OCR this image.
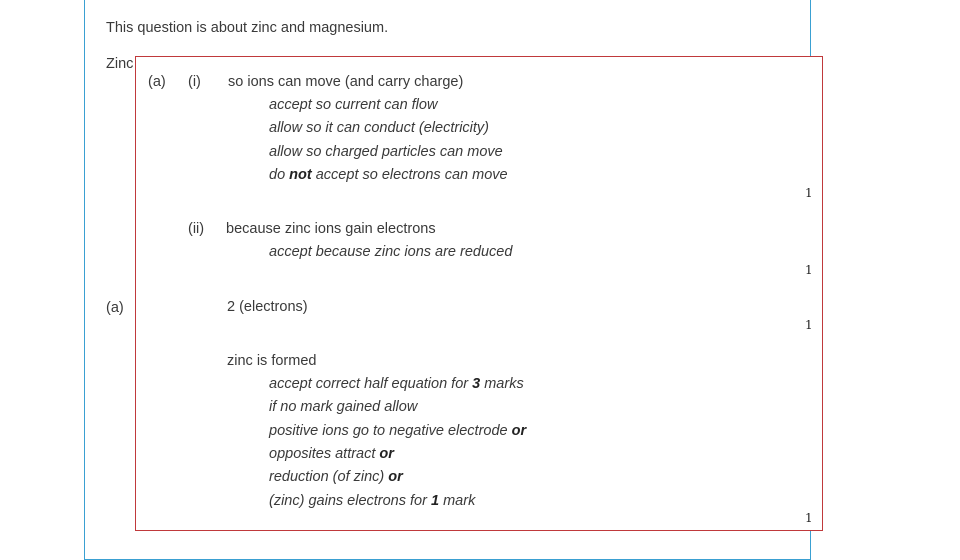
This question is about zinc and magnesium.
Zinc
(a)
(a) (i) so ions can move (and carry charge)
accept so current can flow
allow so it can conduct (electricity)
allow so charged particles can move
do not accept so electrons can move
1
(ii) because zinc ions gain electrons
accept because zinc ions are reduced
1
2 (electrons)
1
zinc is formed
accept correct half equation for 3 marks
if no mark gained allow
positive ions go to negative electrode or
opposites attract or
reduction (of zinc) or
(zinc) gains electrons for 1 mark
1
